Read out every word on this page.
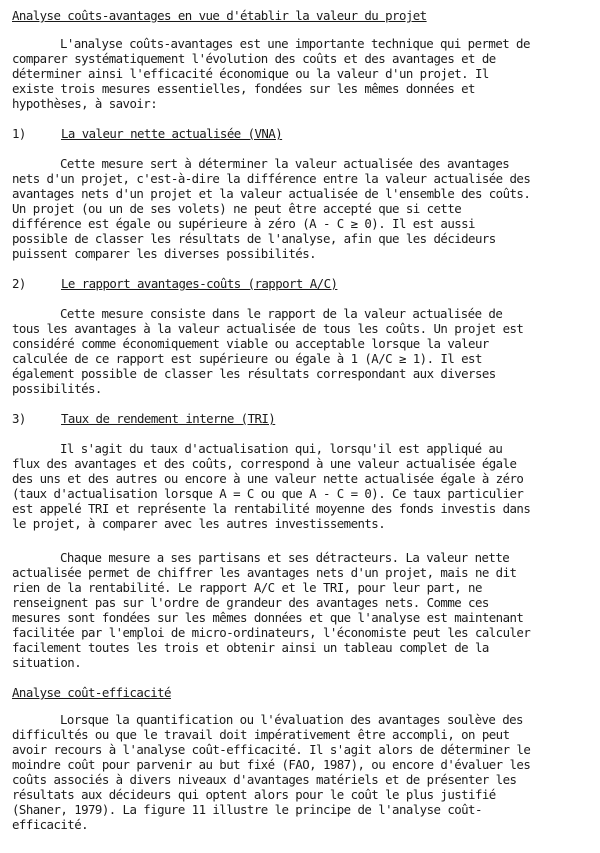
Analyse coûts-avantages en vue d'établir la valeur du projet
L'analyse coûts-avantages est une importante technique qui permet de
comparer systématiquement l'évolution des coûts et des avantages et de
déterminer ainsi l'efficacité économique ou la valeur d'un projet. Il
existe trois mesures essentielles, fondées sur les mêmes données et
hypothèses, à savoir:
1)	La valeur nette actualisée (VNA)
Cette mesure sert à déterminer la valeur actualisée des avantages
nets d'un projet, c'est-à-dire la différence entre la valeur actualisée des
avantages nets d'un projet et la valeur actualisée de l'ensemble des coûts.
Un projet (ou un de ses volets) ne peut être accepté que si cette
différence est égale ou supérieure à zéro (A - C ≥ 0). Il est aussi
possible de classer les résultats de l'analyse, afin que les décideurs
puissent comparer les diverses possibilités.
2)	Le rapport avantages-coûts (rapport A/C)
Cette mesure consiste dans le rapport de la valeur actualisée de
tous les avantages à la valeur actualisée de tous les coûts. Un projet est
considéré comme économiquement viable ou acceptable lorsque la valeur
calculée de ce rapport est supérieure ou égale à 1 (A/C ≥ 1). Il est
également possible de classer les résultats correspondant aux diverses
possibilités.
3)	Taux de rendement interne (TRI)
Il s'agit du taux d'actualisation qui, lorsqu'il est appliqué au
flux des avantages et des coûts, correspond à une valeur actualisée égale
des uns et des autres ou encore à une valeur nette actualisée égale à zéro
(taux d'actualisation lorsque A = C ou que A - C = 0). Ce taux particulier
est appelé TRI et représente la rentabilité moyenne des fonds investis dans
le projet, à comparer avec les autres investissements.
Chaque mesure a ses partisans et ses détracteurs. La valeur nette
actualisée permet de chiffrer les avantages nets d'un projet, mais ne dit
rien de la rentabilité. Le rapport A/C et le TRI, pour leur part, ne
renseignent pas sur l'ordre de grandeur des avantages nets. Comme ces
mesures sont fondées sur les mêmes données et que l'analyse est maintenant
facilitée par l'emploi de micro-ordinateurs, l'économiste peut les calculer
facilement toutes les trois et obtenir ainsi un tableau complet de la
situation.
Analyse coût-efficacité
Lorsque la quantification ou l'évaluation des avantages soulève des
difficultés ou que le travail doit impérativement être accompli, on peut
avoir recours à l'analyse coût-efficacité. Il s'agit alors de déterminer le
moindre coût pour parvenir au but fixé (FAO, 1987), ou encore d'évaluer les
coûts associés à divers niveaux d'avantages matériels et de présenter les
résultats aux décideurs qui optent alors pour le coût le plus justifié
(Shaner, 1979). La figure 11 illustre le principe de l'analyse coût-
efficacité.
